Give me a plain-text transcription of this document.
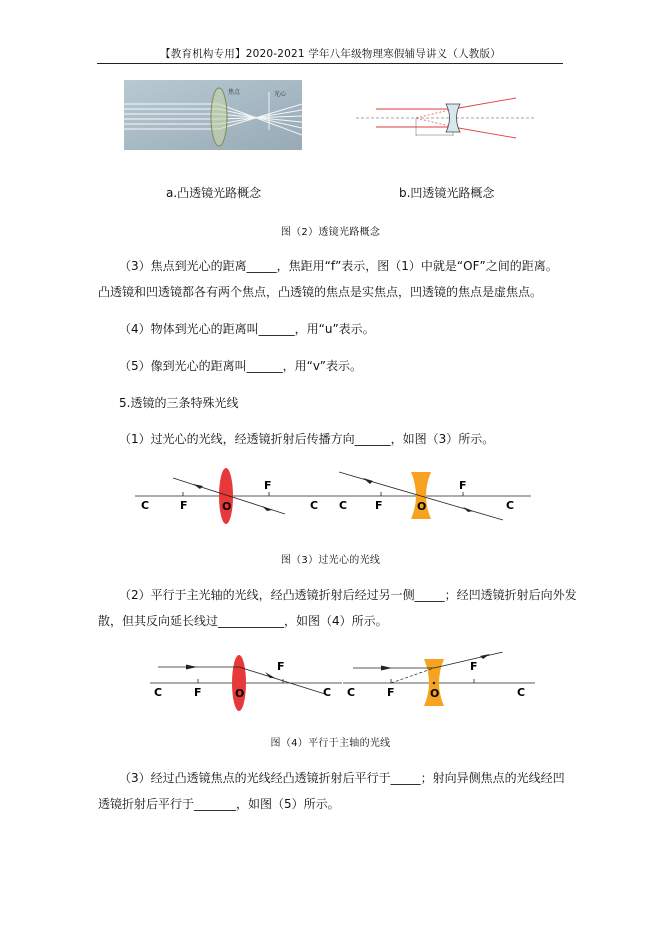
【教育机构专用】2020-2021 学年八年级物理寒假辅导讲义（人教版）
焦点	光心
a.凸透镜光路概念	b.凹透镜光路概念
图（2）透镜光路概念
（3）焦点到光心的距离_____，焦距用“f”表示，图（1）中就是“OF”之间的距离。
凸透镜和凹透镜都各有两个焦点，凸透镜的焦点是实焦点，凹透镜的焦点是虚焦点。
（4）物体到光心的距离叫______，用“u”表示。
（5）像到光心的距离叫______，用“v”表示。
5.透镜的三条特殊光线
（1）过光心的光线，经透镜折射后传播方向______，如图（3）所示。
C	F	O
F
C C	F	O
F
C
图（3）过光心的光线
（2）平行于主光轴的光线，经凸透镜折射后经过另一侧_____；经凹透镜折射后向外发
散，但其反向延长线过___________，如图（4）所示。
C	F	O
F
C C	F	O
F
C
图（4）平行于主轴的光线
（3）经过凸透镜焦点的光线经凸透镜折射后平行于_____；射向异侧焦点的光线经凹
透镜折射后平行于_______，如图（5）所示。
